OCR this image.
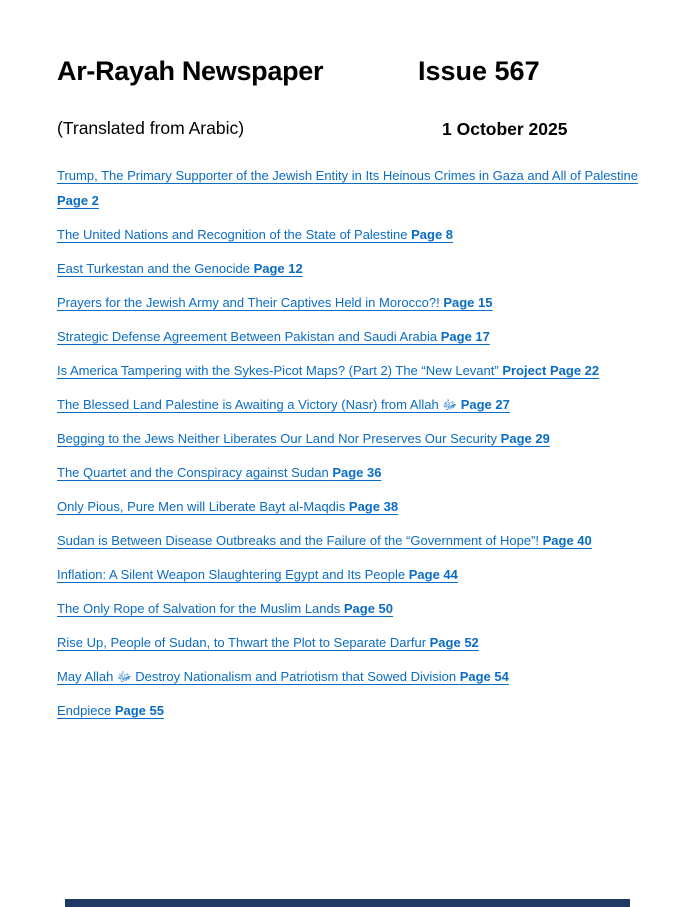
Ar-Rayah Newspaper	Issue 567
(Translated from Arabic)	1 October 2025
Trump, The Primary Supporter of the Jewish Entity in Its Heinous Crimes in Gaza and All of Palestine Page 2
The United Nations and Recognition of the State of Palestine Page 8
East Turkestan and the Genocide Page 12
Prayers for the Jewish Army and Their Captives Held in Morocco?! Page 15
Strategic Defense Agreement Between Pakistan and Saudi Arabia Page 17
Is America Tampering with the Sykes-Picot Maps? (Part 2) The “New Levant” Project Page 22
The Blessed Land Palestine is Awaiting a Victory (Nasr) from Allah ﷻ Page 27
Begging to the Jews Neither Liberates Our Land Nor Preserves Our Security Page 29
The Quartet and the Conspiracy against Sudan Page 36
Only Pious, Pure Men will Liberate Bayt al-Maqdis Page 38
Sudan is Between Disease Outbreaks and the Failure of the “Government of Hope”! Page 40
Inflation: A Silent Weapon Slaughtering Egypt and Its People Page 44
The Only Rope of Salvation for the Muslim Lands Page 50
Rise Up, People of Sudan, to Thwart the Plot to Separate Darfur Page 52
May Allah ﷻ Destroy Nationalism and Patriotism that Sowed Division Page 54
Endpiece Page 55
